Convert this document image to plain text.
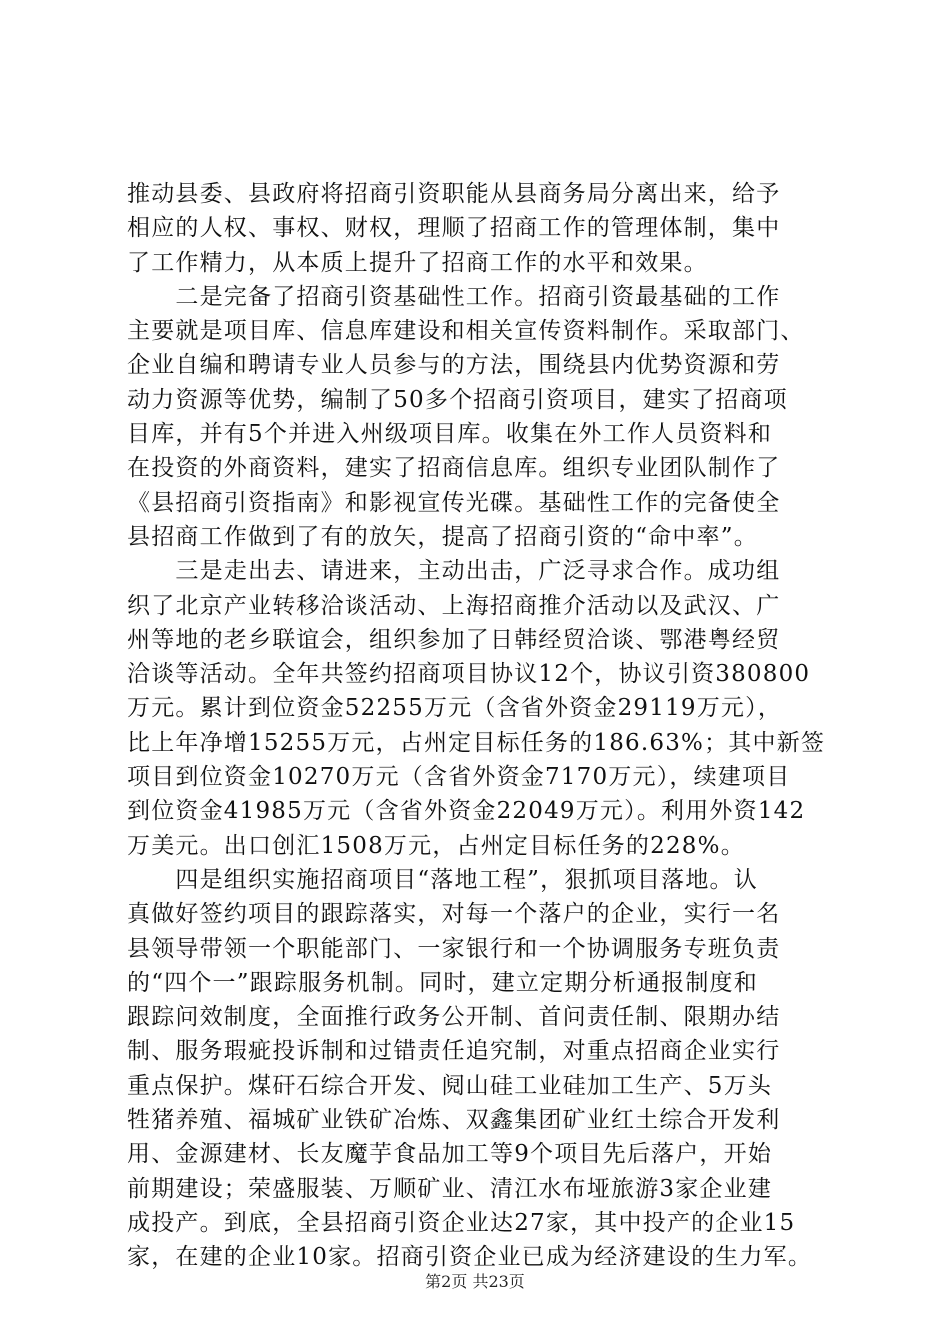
推动县委、县政府将招商引资职能从县商务局分离出来，给予
相应的人权、事权、财权，理顺了招商工作的管理体制，集中
了工作精力，从本质上提升了招商工作的水平和效果。
　　二是完备了招商引资基础性工作。招商引资最基础的工作
主要就是项目库、信息库建设和相关宣传资料制作。采取部门、
企业自编和聘请专业人员参与的方法，围绕县内优势资源和劳
动力资源等优势，编制了50多个招商引资项目，建实了招商项
目库，并有5个并进入州级项目库。收集在外工作人员资料和
在投资的外商资料，建实了招商信息库。组织专业团队制作了
《县招商引资指南》和影视宣传光碟。基础性工作的完备使全
县招商工作做到了有的放矢，提高了招商引资的“命中率”。
　　三是走出去、请进来，主动出击，广泛寻求合作。成功组
织了北京产业转移洽谈活动、上海招商推介活动以及武汉、广
州等地的老乡联谊会，组织参加了日韩经贸洽谈、鄂港粤经贸
洽谈等活动。全年共签约招商项目协议12个，协议引资380800
万元。累计到位资金52255万元（含省外资金29119万元），
比上年净增15255万元，占州定目标任务的186.63%；其中新签
项目到位资金10270万元（含省外资金7170万元），续建项目
到位资金41985万元（含省外资金22049万元）。利用外资142
万美元。出口创汇1508万元，占州定目标任务的228%。
　　四是组织实施招商项目“落地工程”，狠抓项目落地。认
真做好签约项目的跟踪落实，对每一个落户的企业，实行一名
县领导带领一个职能部门、一家银行和一个协调服务专班负责
的“四个一”跟踪服务机制。同时，建立定期分析通报制度和
跟踪问效制度，全面推行政务公开制、首问责任制、限期办结
制、服务瑕疵投诉制和过错责任追究制，对重点招商企业实行
重点保护。煤矸石综合开发、阋山硅工业硅加工生产、5万头
牲猪养殖、福城矿业铁矿冶炼、双鑫集团矿业红土综合开发利
用、金源建材、长友魔芋食品加工等9个项目先后落户，开始
前期建设；荣盛服装、万顺矿业、清江水布垭旅游3家企业建
成投产。到底，全县招商引资企业达27家，其中投产的企业15
家，在建的企业10家。招商引资企业已成为经济建设的生力军。
第2页 共23页
